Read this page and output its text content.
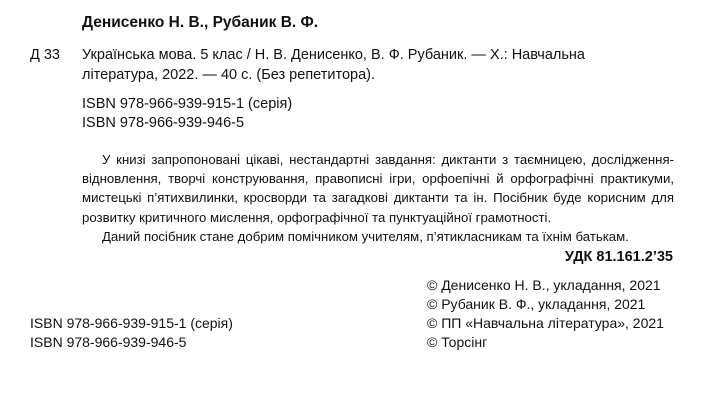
Денисенко Н. В., Рубаник В. Ф.
Д 33 Українська мова. 5 клас / Н. В. Денисенко, В. Ф. Рубаник. — Х.: Навчальна
література, 2022. — 40 с. (Без репетитора).
ISBN 978-966-939-915-1 (серія)
ISBN 978-966-939-946-5

У книзі запропоновані цікаві, нестандартні завдання: диктанти з таємницею, дослідження-відновлення, творчі конструювання, правописні ігри, орфоепічні й орфографічні практикуми, мистецькі п’ятихвилинки, кросворди та загадкові диктанти та ін. Посібник буде корисним для розвитку критичного мислення, орфографічної та пунктуаційної грамотності.

Даний посібник стане добрим помічником учителям, п’ятикласникам та їхнім батькам.

УДК 81.161.2’35
© Денисенко Н. В., укладання, 2021
© Рубаник В. Ф., укладання, 2021
© ПП «Навчальна література», 2021
© Торсінг
ISBN 978-966-939-915-1 (серія)
ISBN 978-966-939-946-5
